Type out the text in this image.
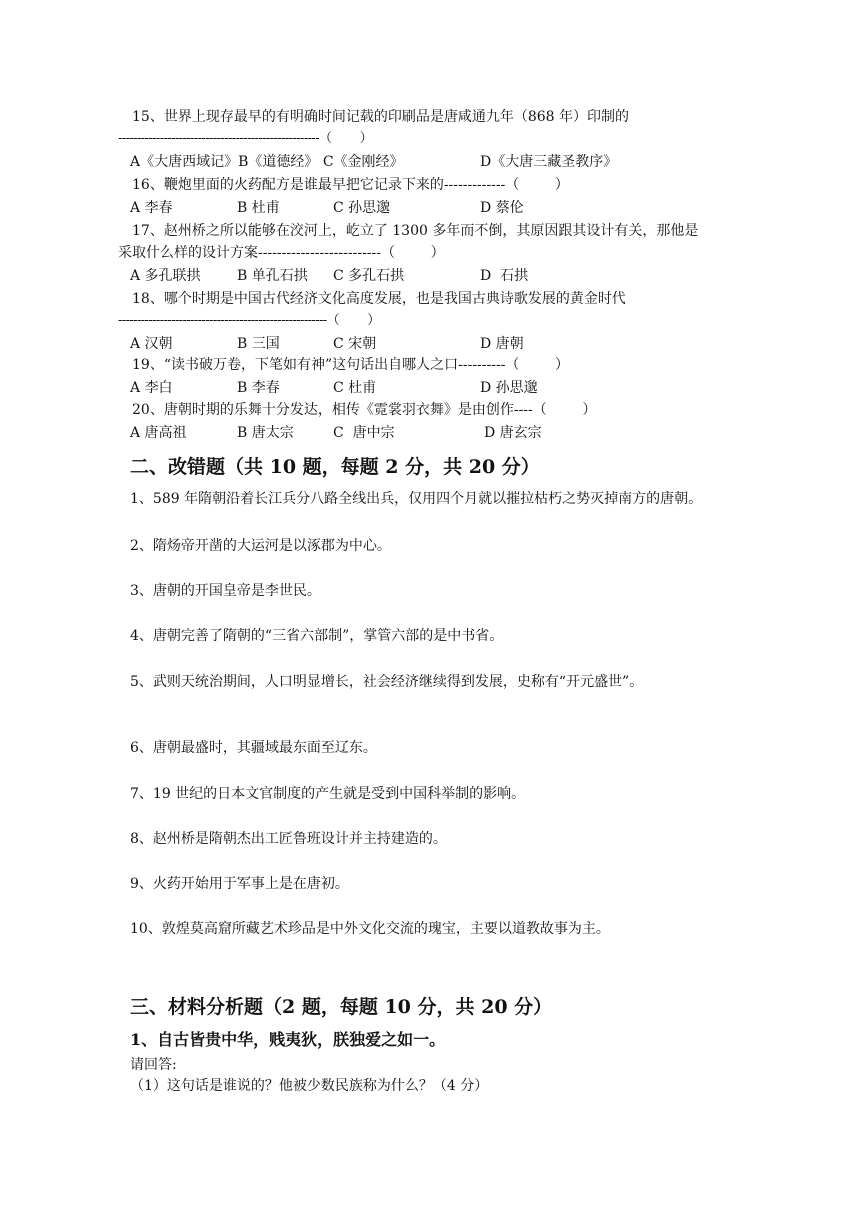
15、世界上现存最早的有明确时间记载的印刷品是唐咸通九年（868 年）印制的
-----------------------------------------------------（        ）
A《大唐西域记》B《道德经》 C《金刚经》	D《大唐三藏圣教序》
16、鞭炮里面的火药配方是谁最早把它记录下来的-------------（        ）
A 李春	B 杜甫	C 孙思邈	D 蔡伦
17、赵州桥之所以能够在洨河上，屹立了 1300 多年而不倒，其原因跟其设计有关，那他是
采取什么样的设计方案--------------------------（        ）
A 多孔联拱	B 单孔石拱 C 多孔石拱	D  石拱
18、哪个时期是中国古代经济文化高度发展，也是我国古典诗歌发展的黄金时代
-------------------------------------------------------（        ）
A 汉朝	B 三国	C 宋朝	D 唐朝
19、“读书破万卷，下笔如有神”这句话出自哪人之口----------（        ）
A 李白	B 李春	C 杜甫	D 孙思邈
20、唐朝时期的乐舞十分发达，相传《霓裳羽衣舞》是由创作----（        ）
A 唐高祖	B 唐太宗	C  唐中宗	D 唐玄宗
二、改错题（共 10 题，每题 2 分，共 20 分）
1、589 年隋朝沿着长江兵分八路全线出兵，仅用四个月就以摧拉枯朽之势灭掉南方的唐朝。
2、隋炀帝开凿的大运河是以涿郡为中心。
3、唐朝的开国皇帝是李世民。
4、唐朝完善了隋朝的“三省六部制”，掌管六部的是中书省。
5、武则天统治期间，人口明显增长，社会经济继续得到发展，史称有“开元盛世”。
6、唐朝最盛时，其疆域最东面至辽东。
7、19 世纪的日本文官制度的产生就是受到中国科举制的影响。
8、赵州桥是隋朝杰出工匠鲁班设计并主持建造的。
9、火药开始用于军事上是在唐初。
10、敦煌莫高窟所藏艺术珍品是中外文化交流的瑰宝，主要以道教故事为主。
三、材料分析题（2 题，每题 10 分，共 20 分）
1、自古皆贵中华，贱夷狄，朕独爱之如一。
请回答:
（1）这句话是谁说的？他被少数民族称为什么？（4 分）
